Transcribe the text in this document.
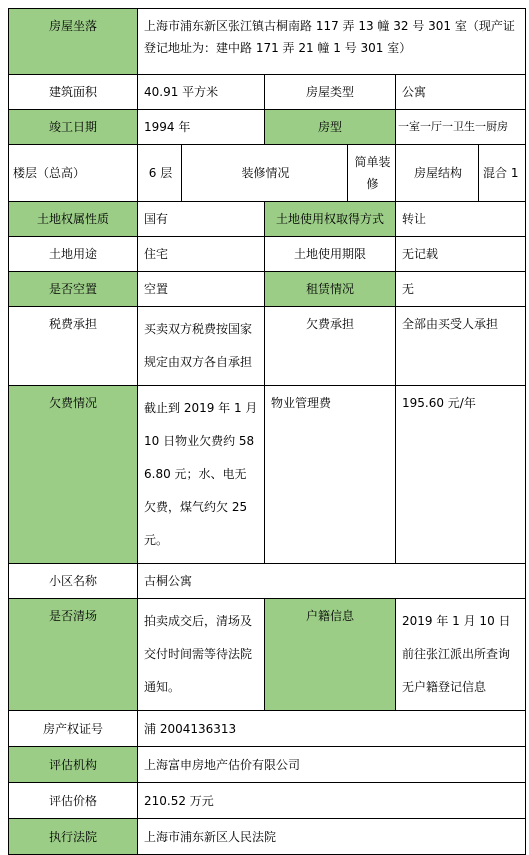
房屋坐落	上海市浦东新区张江镇古桐南路 117 弄 13 幢 32 号 301 室（现产证登记地址为：建中路 171 弄 21 幢 1 号 301 室）					
建筑面积	40.91 平方米		房屋类型		公寓	
竣工日期	1994 年		房型		一室一厅一卫生一厨房	
楼层（总高）	6 层	装修情况		简单装修	房屋结构	混合 1
土地权属性质	国有		土地使用权取得方式		转让	
土地用途	住宅		土地使用期限		无记载	
是否空置	空置		租赁情况		无	
税费承担	买卖双方税费按国家规定由双方各自承担		欠费承担		全部由买受人承担	
欠费情况	截止到 2019 年 1 月 10 日物业欠费约 586.80 元；水、电无欠费，煤气约欠 25 元。		物业管理费		195.60 元/年	
小区名称	古桐公寓					
是否清场	拍卖成交后，清场及交付时间需等待法院通知。		户籍信息		2019 年 1 月 10 日前往张江派出所查询无户籍登记信息	
房产权证号	浦 2004136313					
评估机构	上海富申房地产估价有限公司					
评估价格	210.52 万元					
执行法院	上海市浦东新区人民法院					
